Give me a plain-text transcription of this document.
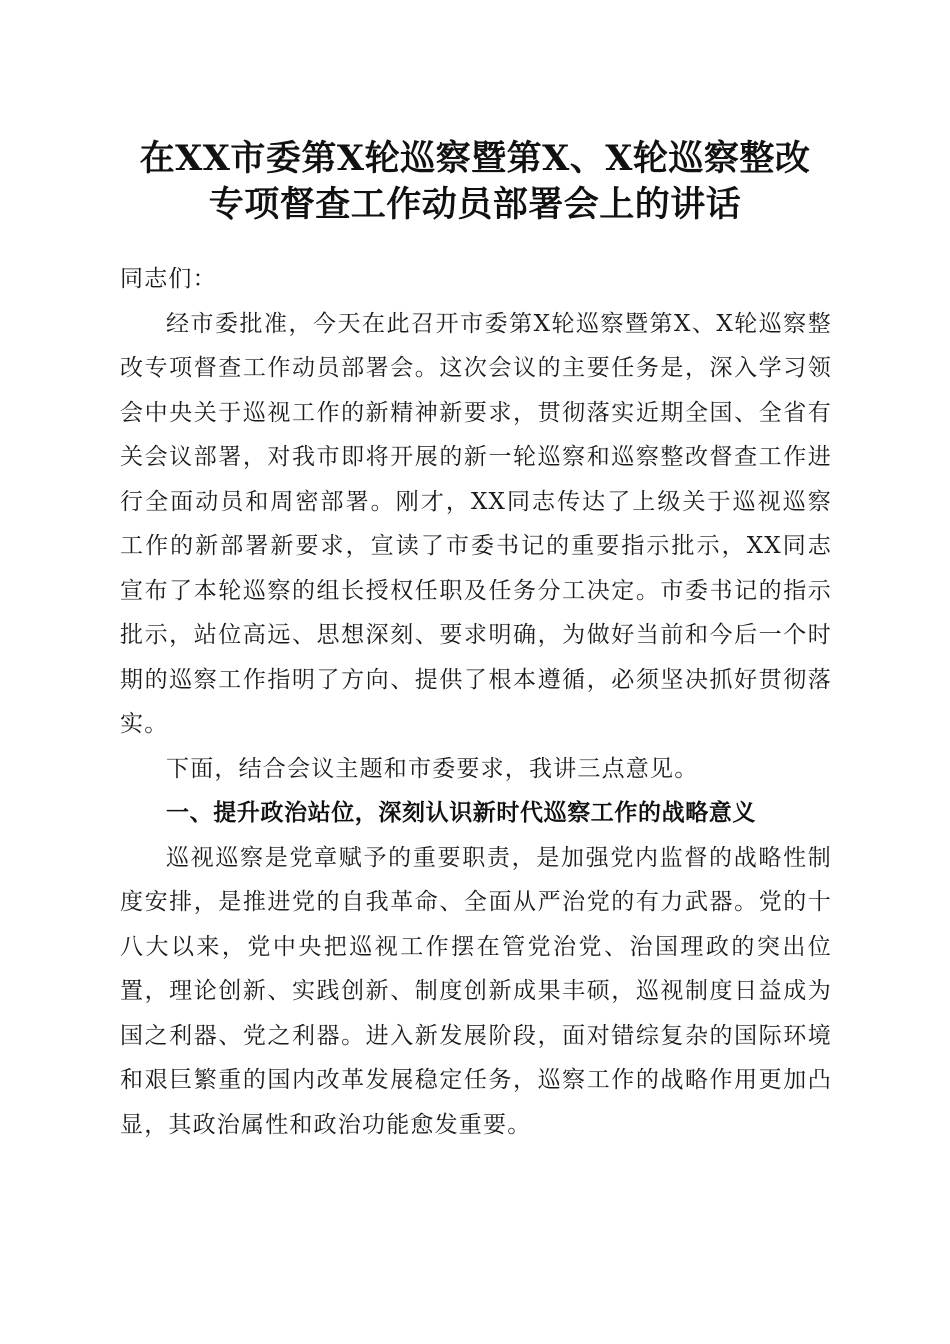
在XX市委第X轮巡察暨第X、X轮巡察整改
专项督查工作动员部署会上的讲话

同志们：

经市委批准，今天在此召开市委第X轮巡察暨第X、X轮巡察整改专项督查工作动员部署会。这次会议的主要任务是，深入学习领会中央关于巡视工作的新精神新要求，贯彻落实近期全国、全省有关会议部署，对我市即将开展的新一轮巡察和巡察整改督查工作进行全面动员和周密部署。刚才，XX同志传达了上级关于巡视巡察工作的新部署新要求，宣读了市委书记的重要指示批示，XX同志宣布了本轮巡察的组长授权任职及任务分工决定。市委书记的指示批示，站位高远、思想深刻、要求明确，为做好当前和今后一个时期的巡察工作指明了方向、提供了根本遵循，必须坚决抓好贯彻落实。

下面，结合会议主题和市委要求，我讲三点意见。

一、提升政治站位，深刻认识新时代巡察工作的战略意义

巡视巡察是党章赋予的重要职责，是加强党内监督的战略性制度安排，是推进党的自我革命、全面从严治党的有力武器。党的十八大以来，党中央把巡视工作摆在管党治党、治国理政的突出位置，理论创新、实践创新、制度创新成果丰硕，巡视制度日益成为国之利器、党之利器。进入新发展阶段，面对错综复杂的国际环境和艰巨繁重的国内改革发展稳定任务，巡察工作的战略作用更加凸显，其政治属性和政治功能愈发重要。
